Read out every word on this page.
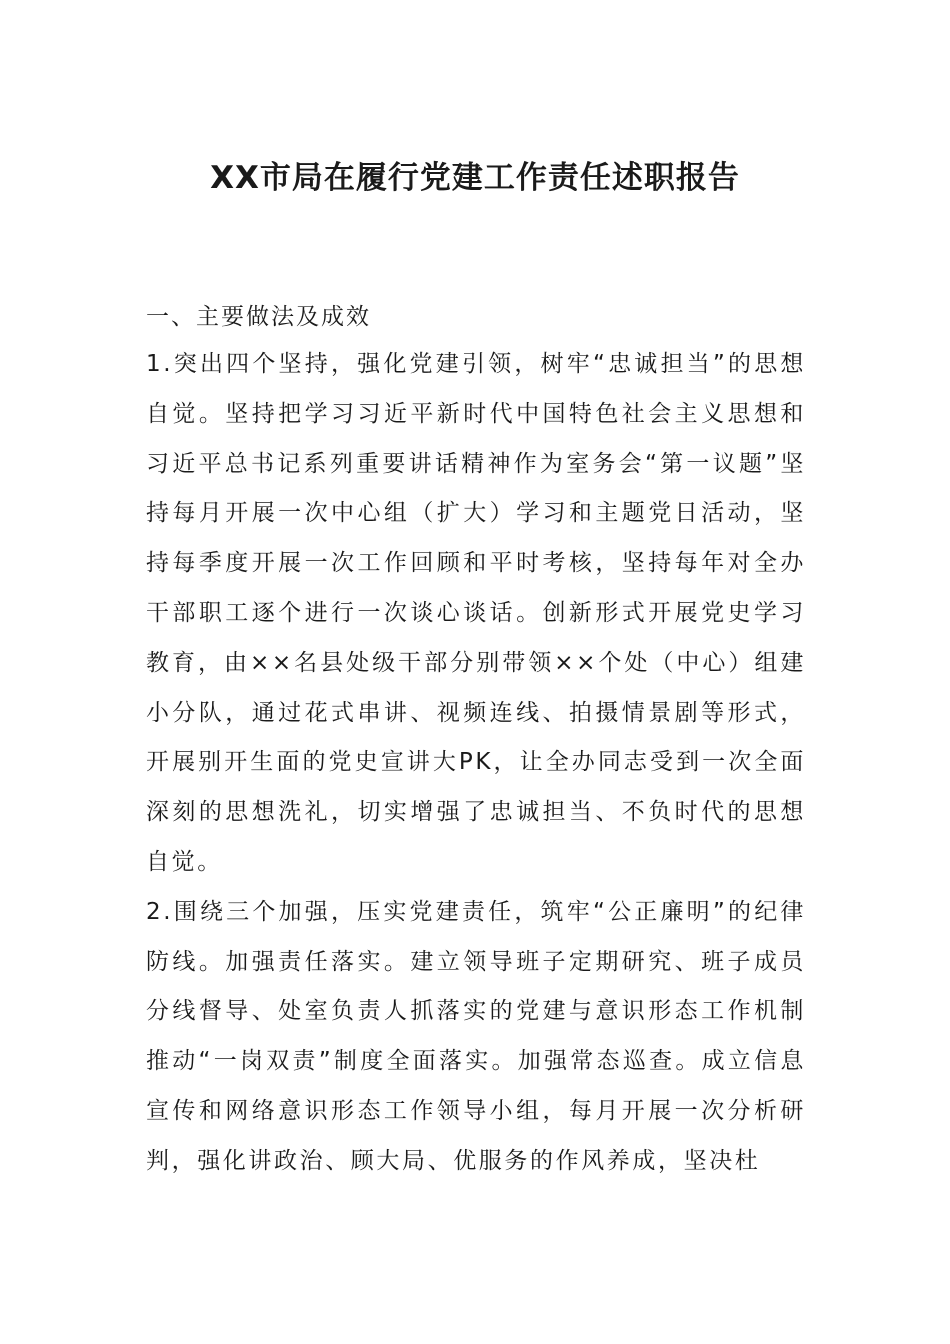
XX市局在履行党建工作责任述职报告

一、主要做法及成效

1.突出四个坚持，强化党建引领，树牢“忠诚担当”的思想自觉。坚持把学习习近平新时代中国特色社会主义思想和习近平总书记系列重要讲话精神作为室务会“第一议题”坚持每月开展一次中心组（扩大）学习和主题党日活动，坚持每季度开展一次工作回顾和平时考核，坚持每年对全办干部职工逐个进行一次谈心谈话。创新形式开展党史学习教育，由××名县处级干部分别带领××个处（中心）组建小分队，通过花式串讲、视频连线、拍摄情景剧等形式，开展别开生面的党史宣讲大PK，让全办同志受到一次全面深刻的思想洗礼，切实增强了忠诚担当、不负时代的思想自觉。

2.围绕三个加强，压实党建责任，筑牢“公正廉明”的纪律防线。加强责任落实。建立领导班子定期研究、班子成员分线督导、处室负责人抓落实的党建与意识形态工作机制推动“一岗双责”制度全面落实。加强常态巡查。成立信息宣传和网络意识形态工作领导小组，每月开展一次分析研判，强化讲政治、顾大局、优服务的作风养成，坚决杜
